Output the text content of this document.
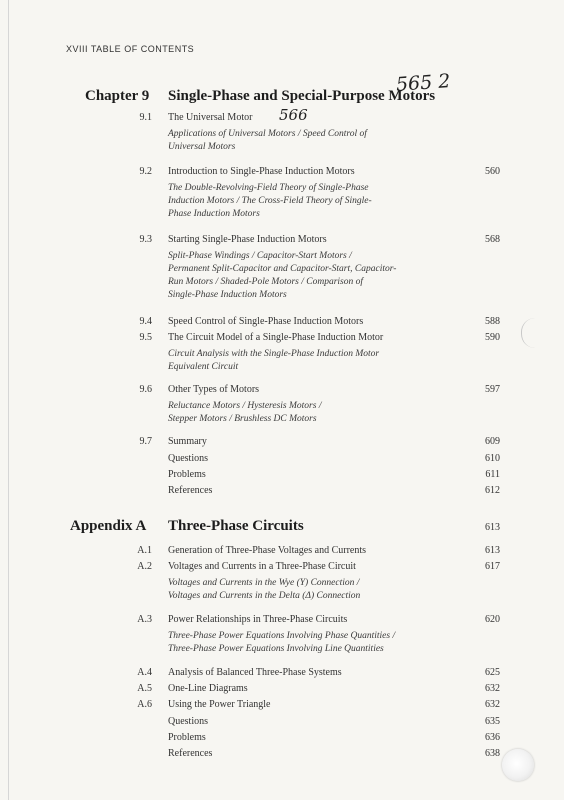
XVIII TABLE OF CONTENTS
565 2
566
Chapter 9 Single-Phase and Special-Purpose Motors
9.1 The Universal Motor
Applications of Universal Motors / Speed Control of
Universal Motors
9.2 Introduction to Single-Phase Induction Motors	560
The Double-Revolving-Field Theory of Single-Phase
Induction Motors / The Cross-Field Theory of Single-
Phase Induction Motors
9.3 Starting Single-Phase Induction Motors	568
Split-Phase Windings / Capacitor-Start Motors /
Permanent Split-Capacitor and Capacitor-Start, Capacitor-
Run Motors / Shaded-Pole Motors / Comparison of
Single-Phase Induction Motors
9.4 Speed Control of Single-Phase Induction Motors	588
9.5 The Circuit Model of a Single-Phase Induction Motor	590
Circuit Analysis with the Single-Phase Induction Motor
Equivalent Circuit
9.6 Other Types of Motors	597
Reluctance Motors / Hysteresis Motors /
Stepper Motors / Brushless DC Motors
9.7 Summary	609
Questions	610
Problems	611
References	612
Appendix A Three-Phase Circuits	613
A.1 Generation of Three-Phase Voltages and Currents	613
A.2 Voltages and Currents in a Three-Phase Circuit	617
Voltages and Currents in the Wye (Y) Connection /
Voltages and Currents in the Delta (Δ) Connection
A.3 Power Relationships in Three-Phase Circuits	620
Three-Phase Power Equations Involving Phase Quantities /
Three-Phase Power Equations Involving Line Quantities
A.4 Analysis of Balanced Three-Phase Systems	625
A.5 One-Line Diagrams	632
A.6 Using the Power Triangle	632
Questions	635
Problems	636
References	638
